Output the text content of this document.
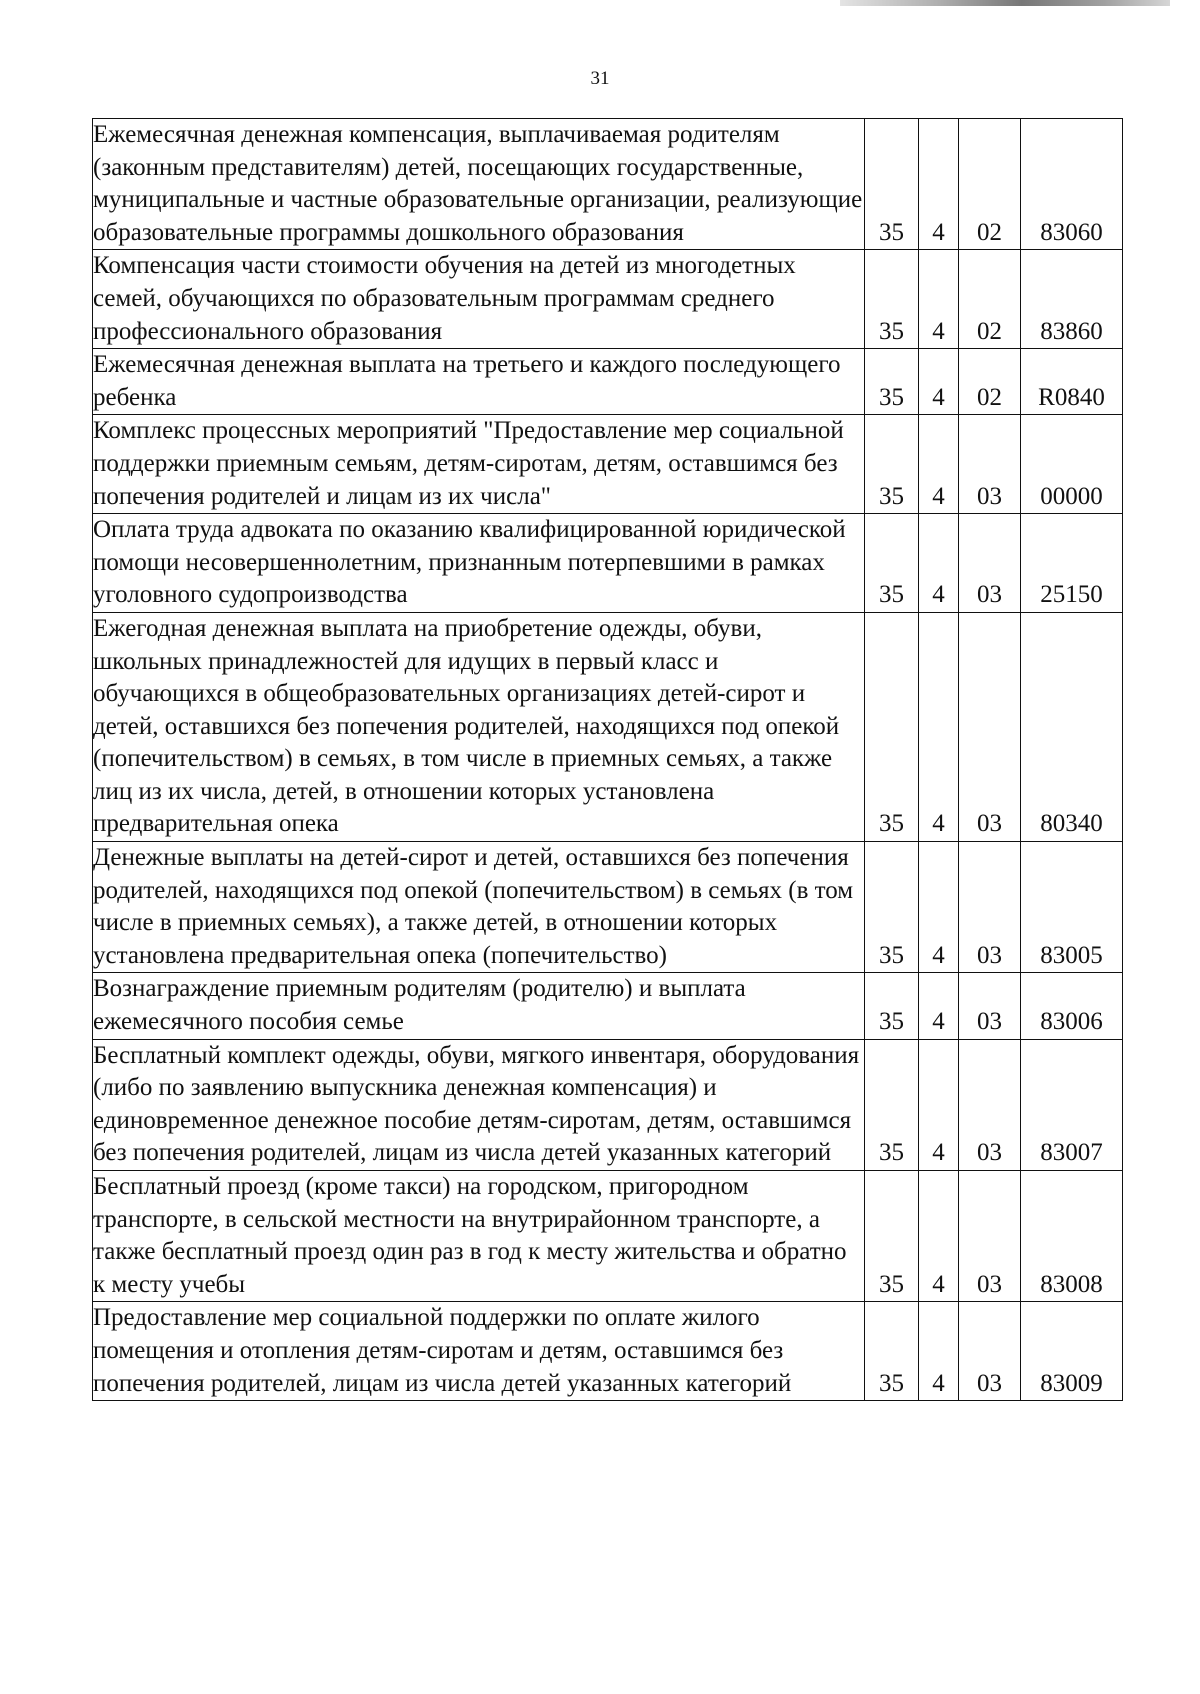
31
Ежемесячная денежная компенсация, выплачиваемая родителям (законным представителям) детей, посещающих государственные, муниципальные и частные образовательные организации, реализующие образовательные программы дошкольного образования	35	4	02	83060
Компенсация части стоимости обучения на детей из многодетных семей, обучающихся по образовательным программам среднего профессионального образования	35	4	02	83860
Ежемесячная денежная выплата на третьего и каждого последующего ребенка	35	4	02	R0840
Комплекс процессных мероприятий "Предоставление мер социальной поддержки приемным семьям, детям-сиротам, детям, оставшимся без попечения родителей и лицам из их числа"	35	4	03	00000
Оплата труда адвоката по оказанию квалифицированной юридической помощи несовершеннолетним, признанным потерпевшими в рамках уголовного судопроизводства	35	4	03	25150
Ежегодная денежная выплата на приобретение одежды, обуви, школьных принадлежностей для идущих в первый класс и обучающихся в общеобразовательных организациях детей-сирот и детей, оставшихся без попечения родителей, находящихся под опекой (попечительством) в семьях, в том числе в приемных семьях, а также лиц из их числа, детей, в отношении которых установлена предварительная опека	35	4	03	80340
Денежные выплаты на детей-сирот и детей, оставшихся без попечения родителей, находящихся под опекой (попечительством) в семьях (в том числе в приемных семьях), а также детей, в отношении которых установлена предварительная опека (попечительство)	35	4	03	83005
Вознаграждение приемным родителям (родителю) и выплата ежемесячного пособия семье	35	4	03	83006
Бесплатный комплект одежды, обуви, мягкого инвентаря, оборудования (либо по заявлению выпускника денежная компенсация) и единовременное денежное пособие детям-сиротам, детям, оставшимся без попечения родителей, лицам из числа детей указанных категорий	35	4	03	83007
Бесплатный проезд (кроме такси) на городском, пригородном транспорте, в сельской местности на внутрирайонном транспорте, а также бесплатный проезд один раз в год к месту жительства и обратно к месту учебы	35	4	03	83008
Предоставление мер социальной поддержки по оплате жилого помещения и отопления детям-сиротам и детям, оставшимся без попечения родителей, лицам из числа детей указанных категорий	35	4	03	83009
